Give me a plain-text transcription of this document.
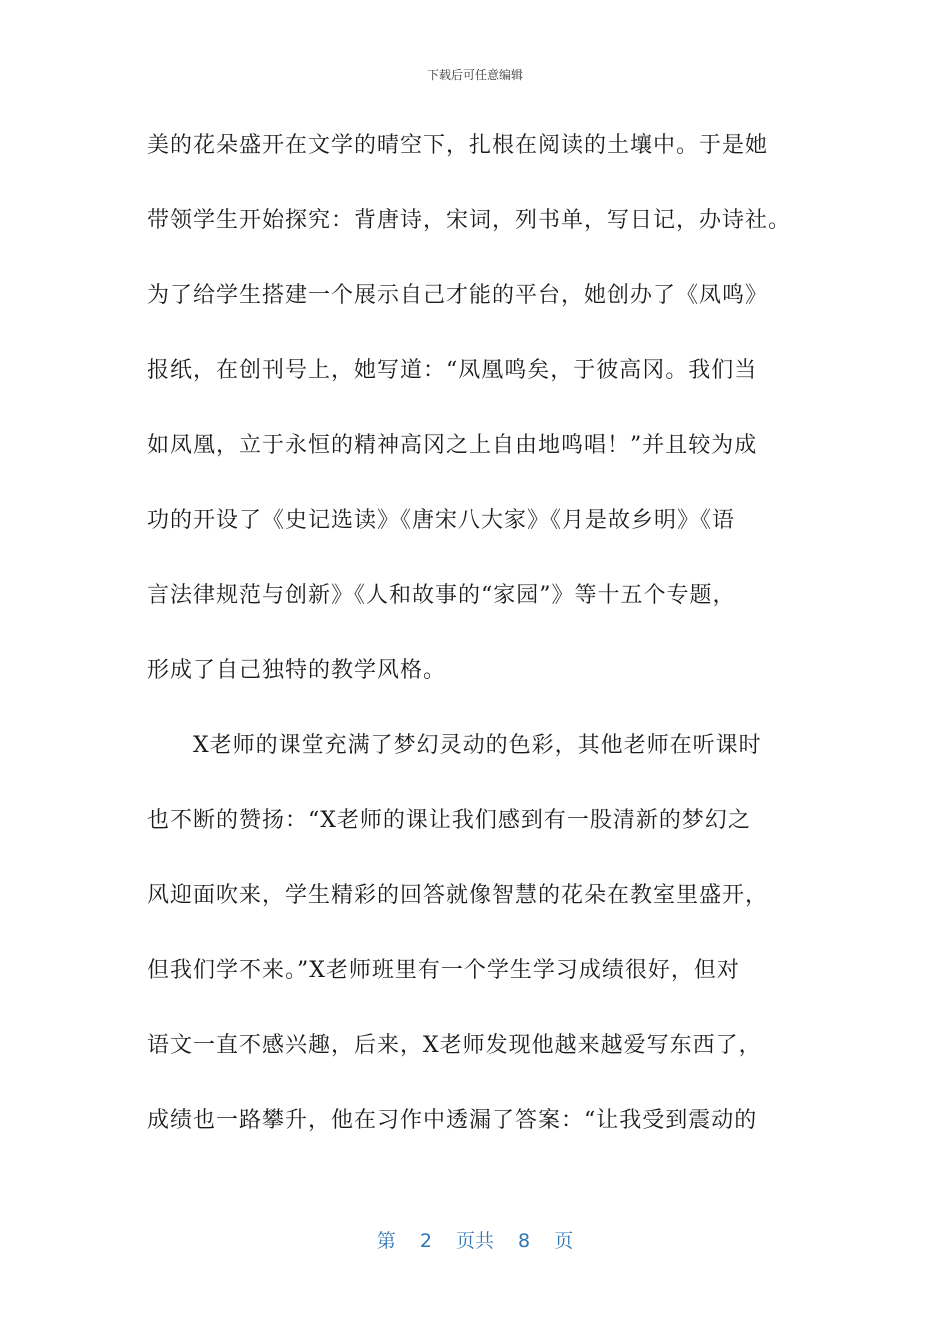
下载后可任意编辑
美的花朵盛开在文学的晴空下，扎根在阅读的土壤中。于是她
带领学生开始探究：背唐诗，宋词，列书单，写日记，办诗社。
为了给学生搭建一个展示自己才能的平台，她创办了《凤鸣》
报纸，在创刊号上，她写道：“凤凰鸣矣，于彼高冈。我们当
如凤凰，立于永恒的精神高冈之上自由地鸣唱！”并且较为成
功的开设了《史记选读》《唐宋八大家》《月是故乡明》《语
言法律规范与创新》《人和故事的“家园”》等十五个专题，
形成了自己独特的教学风格。
X老师的课堂充满了梦幻灵动的色彩，其他老师在听课时
也不断的赞扬：“X老师的课让我们感到有一股清新的梦幻之
风迎面吹来，学生精彩的回答就像智慧的花朵在教室里盛开，
但我们学不来。”X老师班里有一个学生学习成绩很好，但对
语文一直不感兴趣，后来，X老师发现他越来越爱写东西了，
成绩也一路攀升，他在习作中透漏了答案：“让我受到震动的
第 2 页共 8 页
